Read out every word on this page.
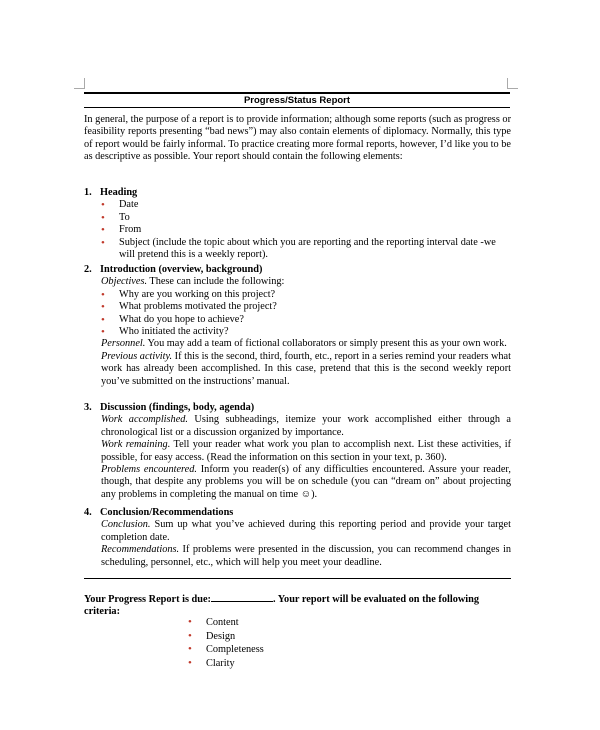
Progress/Status Report

In general, the purpose of a report is to provide information; although some reports (such as progress or feasibility reports presenting “bad news”) may also contain elements of diplomacy. Normally, this type of report would be fairly informal. To practice creating more formal reports, however, I’d like you to be as descriptive as possible. Your report should contain the following elements:

1. Heading
• Date
• To
• From
• Subject (include the topic about which you are reporting and the reporting interval date -we will pretend this is a weekly report).
2. Introduction (overview, background)
Objectives. These can include the following:
• Why are you working on this project?
• What problems motivated the project?
• What do you hope to achieve?
• Who initiated the activity?
Personnel. You may add a team of fictional collaborators or simply present this as your own work.
Previous activity. If this is the second, third, fourth, etc., report in a series remind your readers what work has already been accomplished. In this case, pretend that this is the second weekly report you’ve submitted on the instructions’ manual.
3. Discussion (findings, body, agenda)
Work accomplished. Using subheadings, itemize your work accomplished either through a chronological list or a discussion organized by importance.
Work remaining. Tell your reader what work you plan to accomplish next. List these activities, if possible, for easy access. (Read the information on this section in your text, p. 360).
Problems encountered. Inform you reader(s) of any difficulties encountered. Assure your reader, though, that despite any problems you will be on schedule (you can “dream on” about projecting any problems in completing the manual on time ☺).
4. Conclusion/Recommendations
Conclusion. Sum up what you’ve achieved during this reporting period and provide your target completion date.
Recommendations. If problems were presented in the discussion, you can recommend changes in scheduling, personnel, etc., which will help you meet your deadline.
Your Progress Report is due:	. Your report will be evaluated on the following criteria:
• Content
• Design
• Completeness
• Clarity
